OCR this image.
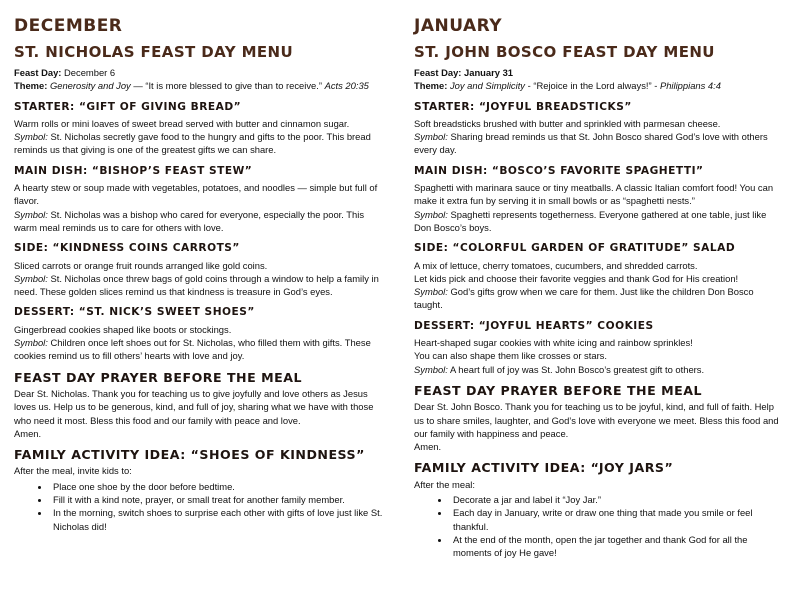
DECEMBER
ST. NICHOLAS FEAST DAY MENU

Feast Day: December 6

Theme: Generosity and Joy — “It is more blessed to give than to receive.” Acts 20:35

STARTER: “GIFT OF GIVING BREAD”

Warm rolls or mini loaves of sweet bread served with butter and cinnamon sugar.

Symbol: St. Nicholas secretly gave food to the hungry and gifts to the poor. This bread reminds us that giving is one of the greatest gifts we can share.

MAIN DISH: “BISHOP’S FEAST STEW”

A hearty stew or soup made with vegetables, potatoes, and noodles — simple but full of flavor.

Symbol: St. Nicholas was a bishop who cared for everyone, especially the poor. This warm meal reminds us to care for others with love.

SIDE: “KINDNESS COINS CARROTS”

Sliced carrots or orange fruit rounds arranged like gold coins.

Symbol: St. Nicholas once threw bags of gold coins through a window to help a family in need. These golden slices remind us that kindness is treasure in God’s eyes.

DESSERT: “ST. NICK’S SWEET SHOES”

Gingerbread cookies shaped like boots or stockings.

Symbol: Children once left shoes out for St. Nicholas, who filled them with gifts. These cookies remind us to fill others’ hearts with love and joy.

FEAST DAY PRAYER BEFORE THE MEAL

Dear St. Nicholas. Thank you for teaching us to give joyfully and love others as Jesus loves us. Help us to be generous, kind, and full of joy, sharing what we have with those who need it most. Bless this food and our family with peace and love.

Amen.

FAMILY ACTIVITY IDEA: “SHOES OF KINDNESS”

After the meal, invite kids to:

• Place one shoe by the door before bedtime.
• Fill it with a kind note, prayer, or small treat for another family member.
• In the morning, switch shoes to surprise each other with gifts of love just like St. Nicholas did!
JANUARY
ST. JOHN BOSCO FEAST DAY MENU

Feast Day: January 31

Theme: Joy and Simplicity - “Rejoice in the Lord always!” - Philippians 4:4

STARTER: “JOYFUL BREADSTICKS”

Soft breadsticks brushed with butter and sprinkled with parmesan cheese.

Symbol: Sharing bread reminds us that St. John Bosco shared God’s love with others every day.

MAIN DISH: “BOSCO’S FAVORITE SPAGHETTI”

Spaghetti with marinara sauce or tiny meatballs. A classic Italian comfort food! You can make it extra fun by serving it in small bowls or as “spaghetti nests.”

Symbol: Spaghetti represents togetherness. Everyone gathered at one table, just like Don Bosco’s boys.

SIDE: “COLORFUL GARDEN OF GRATITUDE” SALAD

A mix of lettuce, cherry tomatoes, cucumbers, and shredded carrots.

Let kids pick and choose their favorite veggies and thank God for His creation!

Symbol: God’s gifts grow when we care for them. Just like the children Don Bosco taught.

DESSERT: “JOYFUL HEARTS” COOKIES

Heart-shaped sugar cookies with white icing and rainbow sprinkles!

You can also shape them like crosses or stars.

Symbol: A heart full of joy was St. John Bosco’s greatest gift to others.

FEAST DAY PRAYER BEFORE THE MEAL

Dear St. John Bosco. Thank you for teaching us to be joyful, kind, and full of faith. Help us to share smiles, laughter, and God’s love with everyone we meet. Bless this food and our family with happiness and peace.

Amen.

FAMILY ACTIVITY IDEA: “JOY JARS”

After the meal:

• Decorate a jar and label it “Joy Jar.”
• Each day in January, write or draw one thing that made you smile or feel thankful.
• At the end of the month, open the jar together and thank God for all the moments of joy He gave!
